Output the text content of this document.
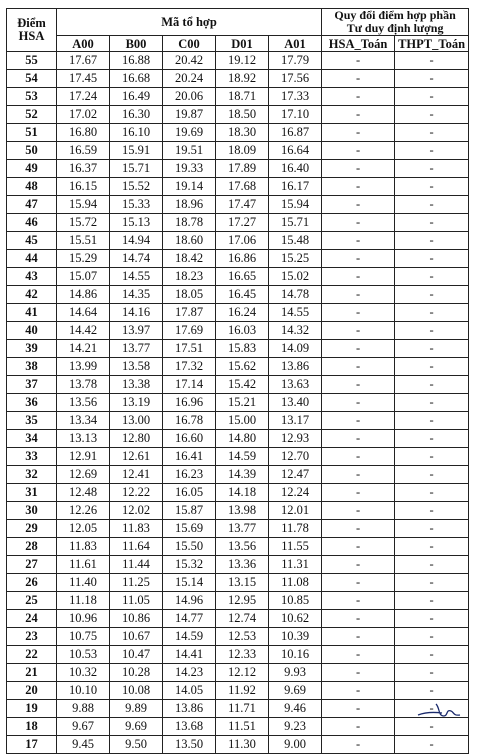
Điểm HSA	Mã tổ hợp					Quy đổi điểm hợp phần
Tư duy định lượng	

	A00	B00	C00	D01	A01	HSA_Toán	THPT_Toán
55	17.67	16.88	20.42	19.12	17.79	-	-
54	17.45	16.68	20.24	18.92	17.56	-	-
53	17.24	16.49	20.06	18.71	17.33	-	-
52	17.02	16.30	19.87	18.50	17.10	-	-
51	16.80	16.10	19.69	18.30	16.87	-	-
50	16.59	15.91	19.51	18.09	16.64	-	-
49	16.37	15.71	19.33	17.89	16.40	-	-
48	16.15	15.52	19.14	17.68	16.17	-	-
47	15.94	15.33	18.96	17.47	15.94	-	-
46	15.72	15.13	18.78	17.27	15.71	-	-
45	15.51	14.94	18.60	17.06	15.48	-	-
44	15.29	14.74	18.42	16.86	15.25	-	-
43	15.07	14.55	18.23	16.65	15.02	-	-
42	14.86	14.35	18.05	16.45	14.78	-	-
41	14.64	14.16	17.87	16.24	14.55	-	-
40	14.42	13.97	17.69	16.03	14.32	-	-
39	14.21	13.77	17.51	15.83	14.09	-	-
38	13.99	13.58	17.32	15.62	13.86	-	-
37	13.78	13.38	17.14	15.42	13.63	-	-
36	13.56	13.19	16.96	15.21	13.40	-	-
35	13.34	13.00	16.78	15.00	13.17	-	-
34	13.13	12.80	16.60	14.80	12.93	-	-
33	12.91	12.61	16.41	14.59	12.70	-	-
32	12.69	12.41	16.23	14.39	12.47	-	-
31	12.48	12.22	16.05	14.18	12.24	-	-
30	12.26	12.02	15.87	13.98	12.01	-	-
29	12.05	11.83	15.69	13.77	11.78	-	-
28	11.83	11.64	15.50	13.56	11.55	-	-
27	11.61	11.44	15.32	13.36	11.31	-	-
26	11.40	11.25	15.14	13.15	11.08	-	-
25	11.18	11.05	14.96	12.95	10.85	-	-
24	10.96	10.86	14.77	12.74	10.62	-	-
23	10.75	10.67	14.59	12.53	10.39	-	-
22	10.53	10.47	14.41	12.33	10.16	-	-
21	10.32	10.28	14.23	12.12	9.93	-	-
20	10.10	10.08	14.05	11.92	9.69	-	-
19	9.88	9.89	13.86	11.71	9.46	-	-
18	9.67	9.69	13.68	11.51	9.23	-	-
17	9.45	9.50	13.50	11.30	9.00	-	-
